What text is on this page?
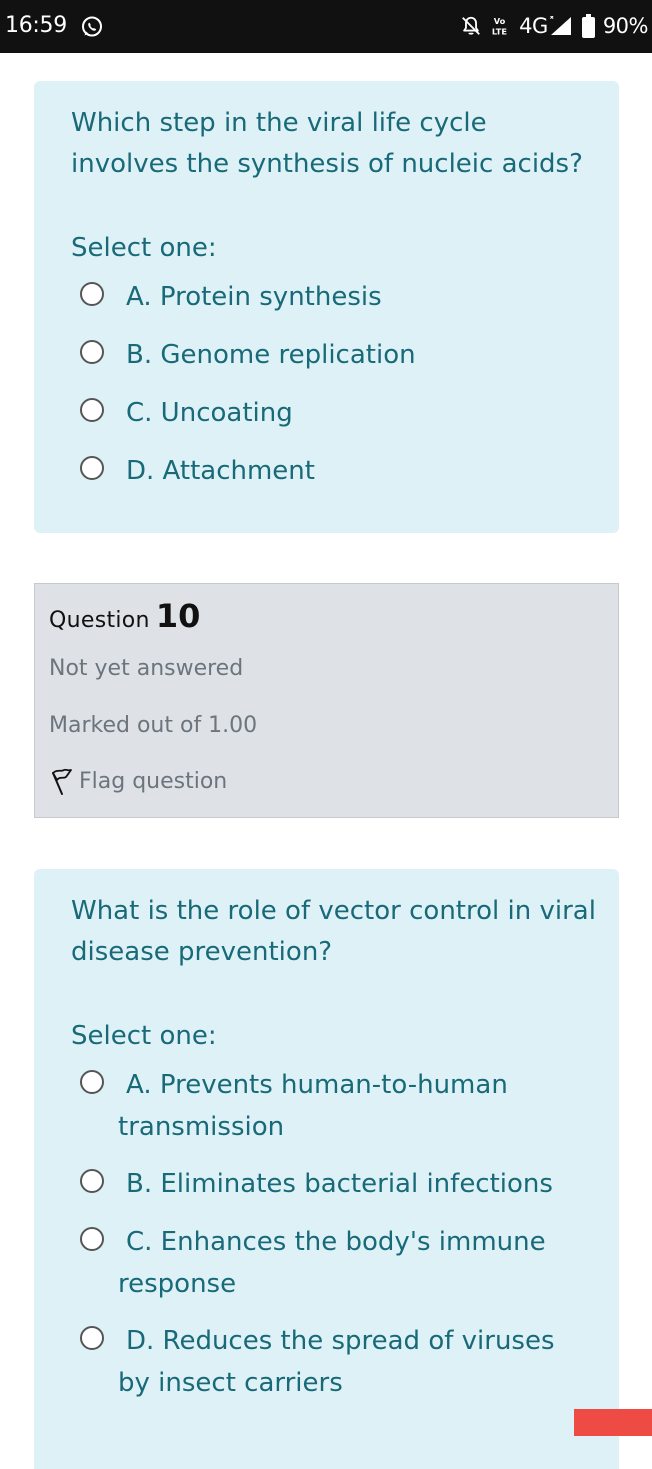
16:59	Vo
LTE 4G	90%

Which step in the viral life cycle involves the synthesis of nucleic acids?

Select one:
A. Protein synthesis
B. Genome replication
C. Uncoating
D. Attachment
Question 10
Not yet answered
Marked out of 1.00
Flag question

What is the role of vector control in viral disease prevention?

Select one:
A. Prevents human-to-human transmission
B. Eliminates bacterial infections
C. Enhances the body's immune response
D. Reduces the spread of viruses by insect carriers
